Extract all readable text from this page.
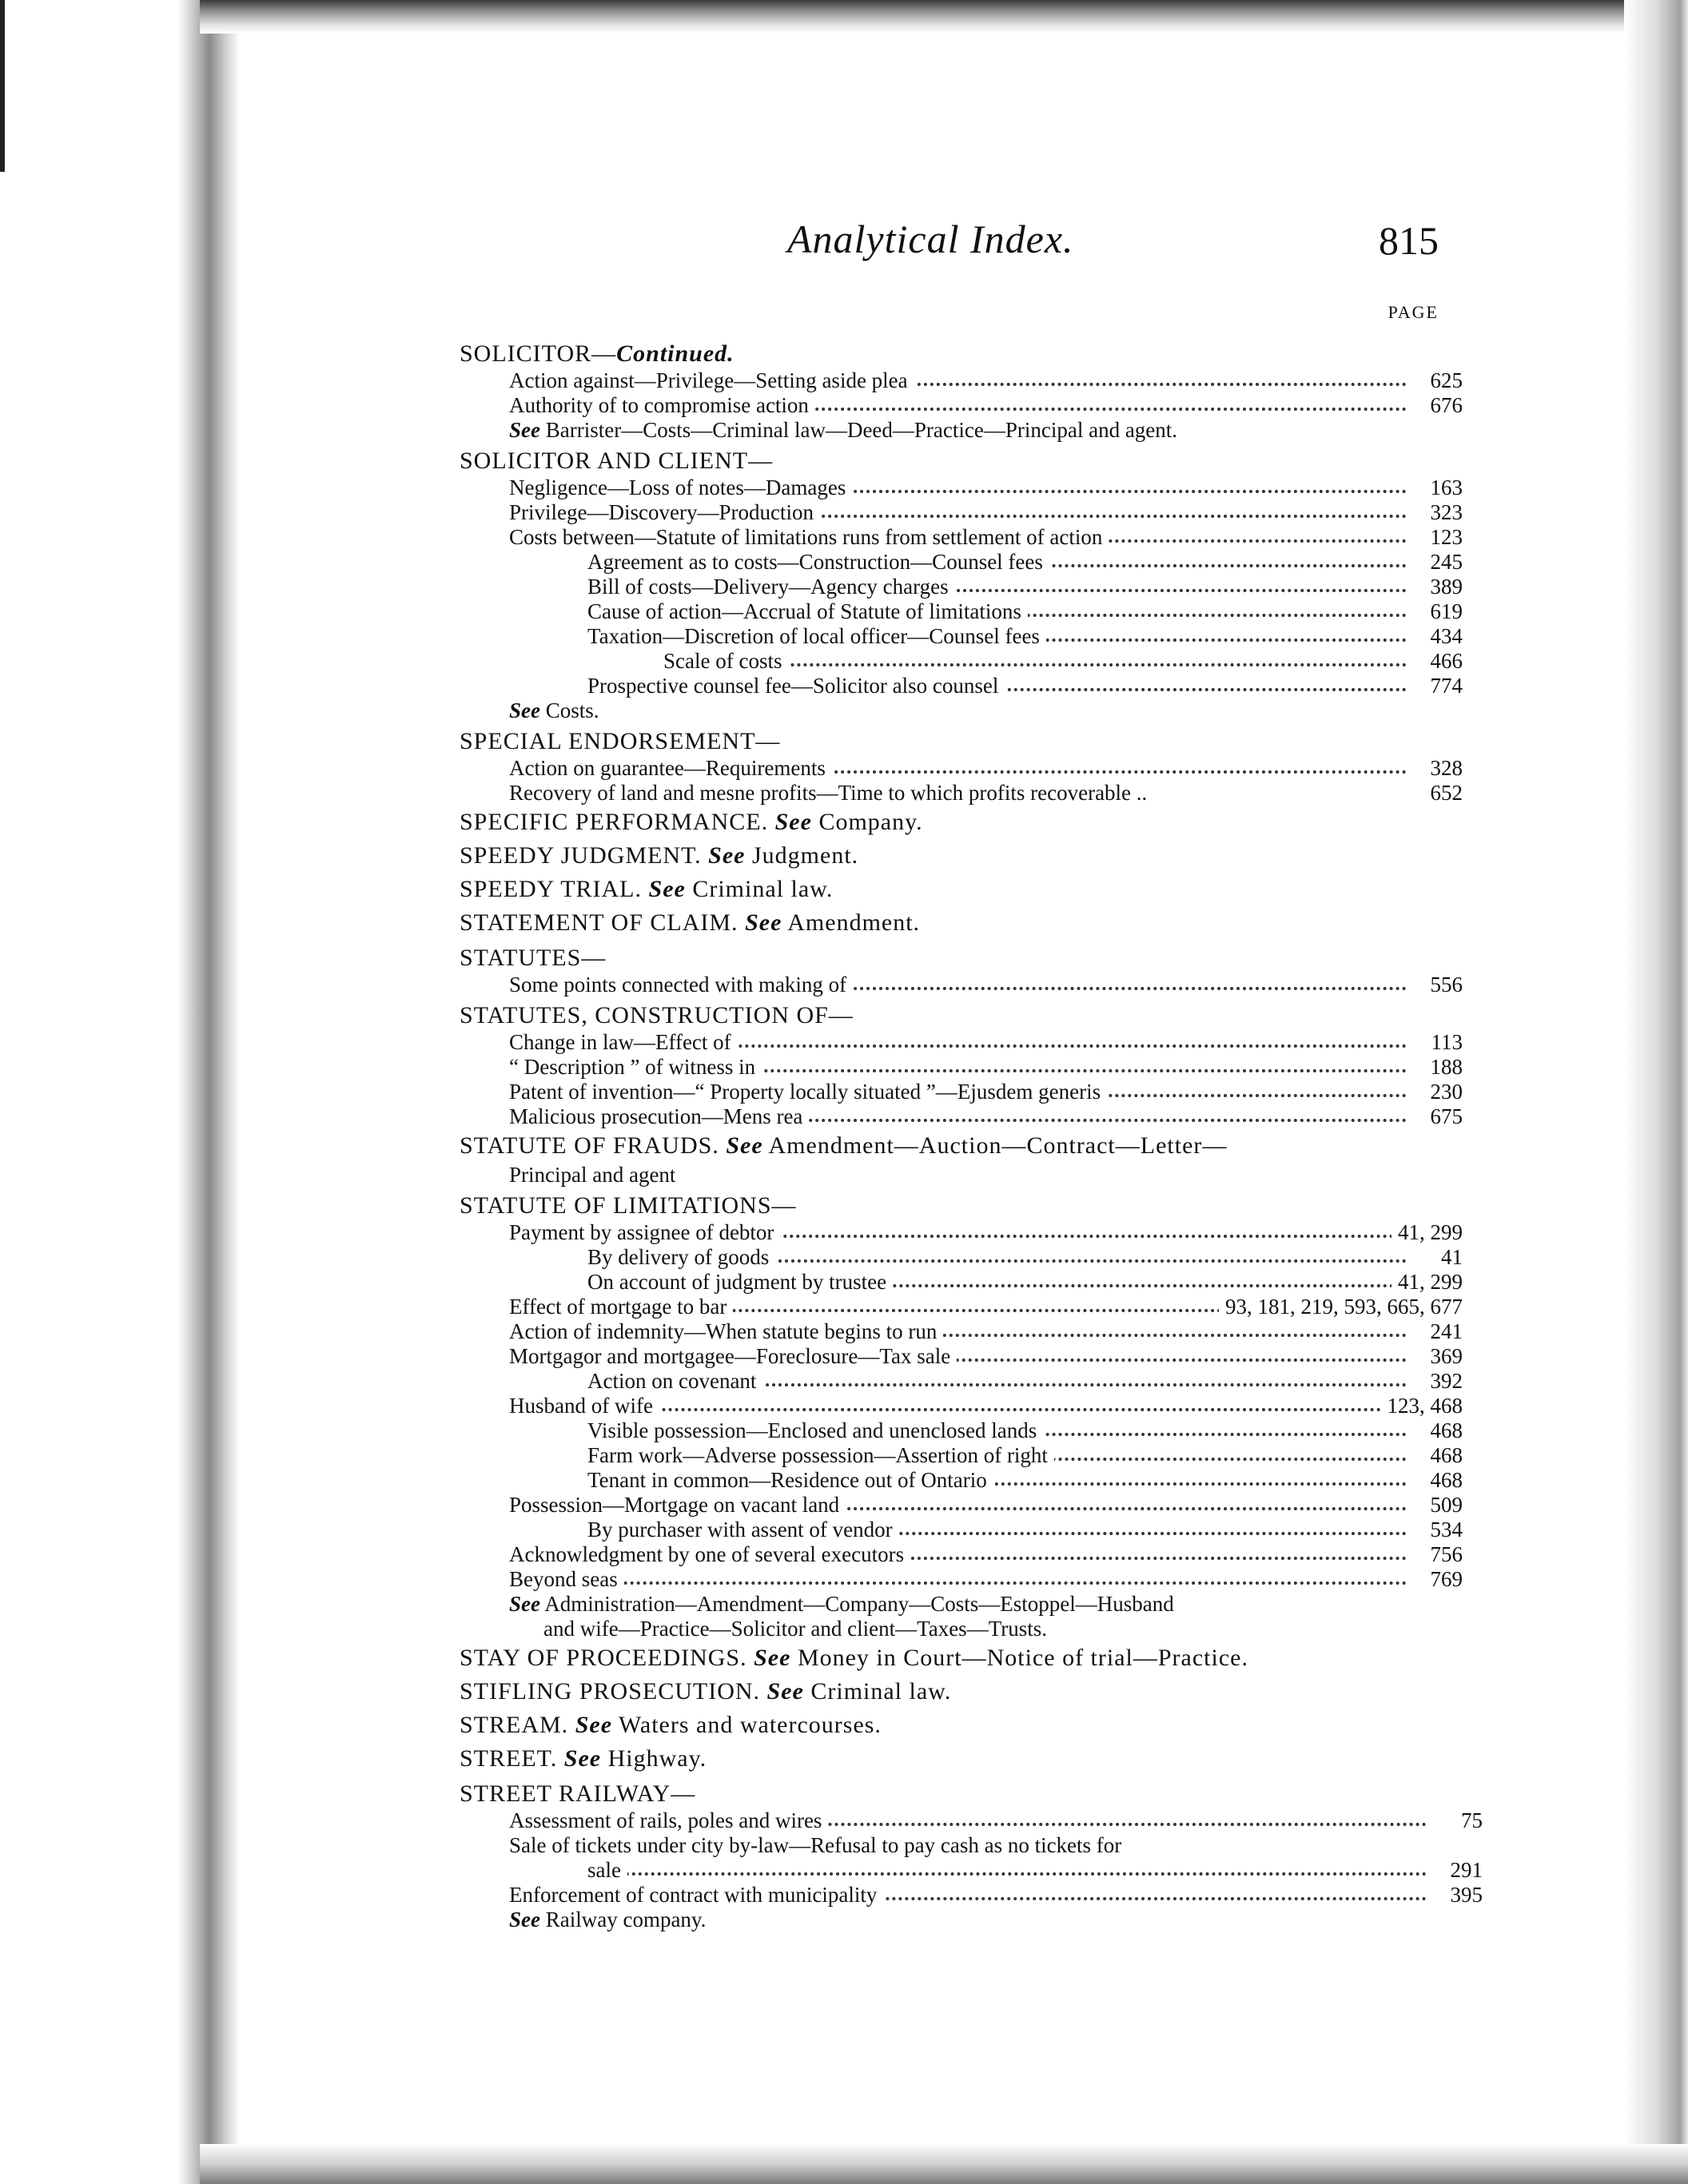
Analytical Index.	815
PAGE
SOLICITOR—Continued.
Action against—Privilege—Setting aside plea	625
Authority of to compromise action	676
See Barrister—Costs—Criminal law—Deed—Practice—Principal and agent.
SOLICITOR AND CLIENT—
Negligence—Loss of notes—Damages	163
Privilege—Discovery—Production	323
Costs between—Statute of limitations runs from settlement of action	123
Agreement as to costs—Construction—Counsel fees	245
Bill of costs—Delivery—Agency charges	389
Cause of action—Accrual of Statute of limitations	619
Taxation—Discretion of local officer—Counsel fees	434
Scale of costs	466
Prospective counsel fee—Solicitor also counsel	774
See Costs.
SPECIAL ENDORSEMENT—
Action on guarantee—Requirements	328
Recovery of land and mesne profits—Time to which profits recoverable ..	652
SPECIFIC PERFORMANCE. See Company.
SPEEDY JUDGMENT. See Judgment.
SPEEDY TRIAL. See Criminal law.
STATEMENT OF CLAIM. See Amendment.
STATUTES—
Some points connected with making of	556
STATUTES, CONSTRUCTION OF—
Change in law—Effect of	113
“ Description ” of witness in	188
Patent of invention—“ Property locally situated ”—Ejusdem generis	230
Malicious prosecution—Mens rea	675
STATUTE OF FRAUDS. See Amendment—Auction—Contract—Letter—
Principal and agent
STATUTE OF LIMITATIONS—
Payment by assignee of debtor	41, 299
By delivery of goods	41
On account of judgment by trustee	41, 299
Effect of mortgage to bar	93, 181, 219, 593, 665, 677
Action of indemnity—When statute begins to run	241
Mortgagor and mortgagee—Foreclosure—Tax sale	369
Action on covenant	392
Husband of wife	123, 468
Visible possession—Enclosed and unenclosed lands	468
Farm work—Adverse possession—Assertion of right	468
Tenant in common—Residence out of Ontario	468
Possession—Mortgage on vacant land	509
By purchaser with assent of vendor	534
Acknowledgment by one of several executors	756
Beyond seas	769
See Administration—Amendment—Company—Costs—Estoppel—Husband
and wife—Practice—Solicitor and client—Taxes—Trusts.
STAY OF PROCEEDINGS. See Money in Court—Notice of trial—Practice.
STIFLING PROSECUTION. See Criminal law.
STREAM. See Waters and watercourses.
STREET. See Highway.
STREET RAILWAY—
Assessment of rails, poles and wires	75
Sale of tickets under city by-law—Refusal to pay cash as no tickets for
sale	291
Enforcement of contract with municipality	395
See Railway company.
